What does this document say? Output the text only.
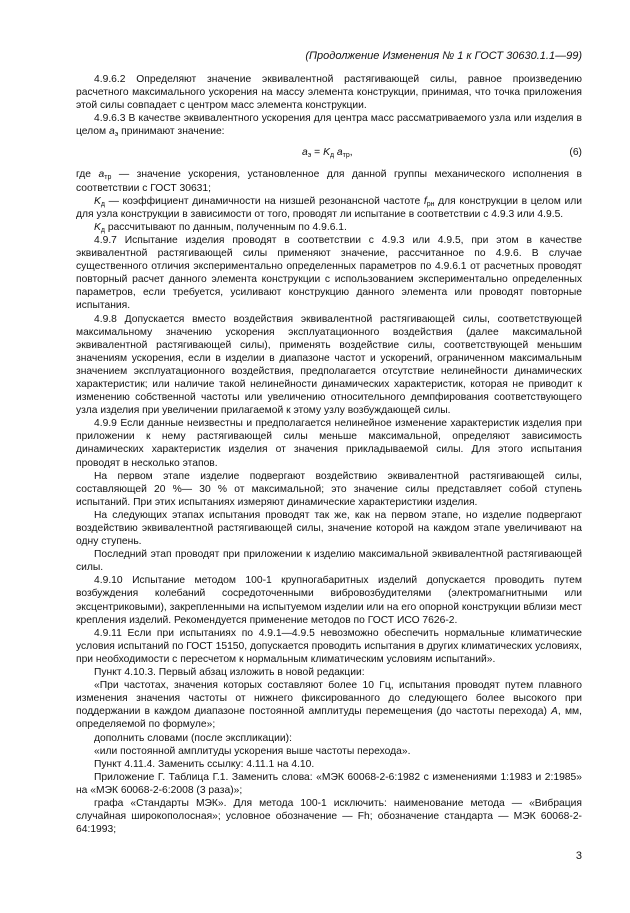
(Продолжение Изменения № 1 к ГОСТ 30630.1.1—99)

4.9.6.2 Определяют значение эквивалентной растягивающей силы, равное произведению расчетного максимального ускорения на массу элемента конструкции, принимая, что точка приложения этой силы совпадает с центром масс элемента конструкции.

4.9.6.3 В качестве эквивалентного ускорения для центра масс рассматриваемого узла или изделия в целом $a_э$ принимают значение:

$a_э = K_д$ $a_{тр}$,	(6)

где $a_{тр}$ — значение ускорения, установленное для данной группы механического исполнения в соответствии с ГОСТ 30631;

$K_д$ — коэффициент динамичности на низшей резонансной частоте $f_{рн}$ для конструкции в целом или для узла конструкции в зависимости от того, проводят ли испытание в соответствии с 4.9.3 или 4.9.5.

$K_д$ рассчитывают по данным, полученным по 4.9.6.1.

4.9.7 Испытание изделия проводят в соответствии с 4.9.3 или 4.9.5, при этом в качестве эквивалентной растягивающей силы применяют значение, рассчитанное по 4.9.6. В случае существенного отличия экспериментально определенных параметров по 4.9.6.1 от расчетных проводят повторный расчет данного элемента конструкции с использованием экспериментально определенных параметров, если требуется, усиливают конструкцию данного элемента или проводят повторные испытания.

4.9.8 Допускается вместо воздействия эквивалентной растягивающей силы, соответствующей максимальному значению ускорения эксплуатационного воздействия (далее максимальной эквивалентной растягивающей силы), применять воздействие силы, соответствующей меньшим значениям ускорения, если в изделии в диапазоне частот и ускорений, ограниченном максимальным значением эксплуатационного воздействия, предполагается отсутствие нелинейности динамических характеристик; или наличие такой нелинейности динамических характеристик, которая не приводит к изменению собственной частоты или увеличению относительного демпфирования соответствующего узла изделия при увеличении прилагаемой к этому узлу возбуждающей силы.

4.9.9 Если данные неизвестны и предполагается нелинейное изменение характеристик изделия при приложении к нему растягивающей силы меньше максимальной, определяют зависимость динамических характеристик изделия от значения прикладываемой силы. Для этого испытания проводят в несколько этапов.

На первом этапе изделие подвергают воздействию эквивалентной растягивающей силы, составляющей 20 %— 30 % от максимальной; это значение силы представляет собой ступень испытаний. При этих испытаниях измеряют динамические характеристики изделия.

На следующих этапах испытания проводят так же, как на первом этапе, но изделие подвергают воздействию эквивалентной растягивающей силы, значение которой на каждом этапе увеличивают на одну ступень.

Последний этап проводят при приложении к изделию максимальной эквивалентной растягивающей силы.

4.9.10 Испытание методом 100-1 крупногабаритных изделий допускается проводить путем возбуждения колебаний сосредоточенными вибровозбудителями (электромагнитными или эксцентриковыми), закрепленными на испытуемом изделии или на его опорной конструкции вблизи мест крепления изделий. Рекомендуется применение методов по ГОСТ ИСО 7626-2.

4.9.11 Если при испытаниях по 4.9.1—4.9.5 невозможно обеспечить нормальные климатические условия испытаний по ГОСТ 15150, допускается проводить испытания в других климатических условиях, при необходимости с пересчетом к нормальным климатическим условиям испытаний».

Пункт 4.10.3. Первый абзац изложить в новой редакции:

«При частотах, значения которых составляют более 10 Гц, испытания проводят путем плавного изменения значения частоты от нижнего фиксированного до следующего более высокого при поддержании в каждом диапазоне постоянной амплитуды перемещения (до частоты перехода) A, мм, определяемой по формуле»;

дополнить словами (после экспликации):

«или постоянной амплитуды ускорения выше частоты перехода».

Пункт 4.11.4. Заменить ссылку: 4.11.1 на 4.10.

Приложение Г. Таблица Г.1. Заменить слова: «МЭК 60068-2-6:1982 с изменениями 1:1983 и 2:1985» на «МЭК 60068-2-6:2008 (3 раза)»;

графа «Стандарты МЭК». Для метода 100-1 исключить: наименование метода — «Вибрация случайная широкополосная»; условное обозначение — Fh; обозначение стандарта — МЭК 60068-2-64:1993;

3
